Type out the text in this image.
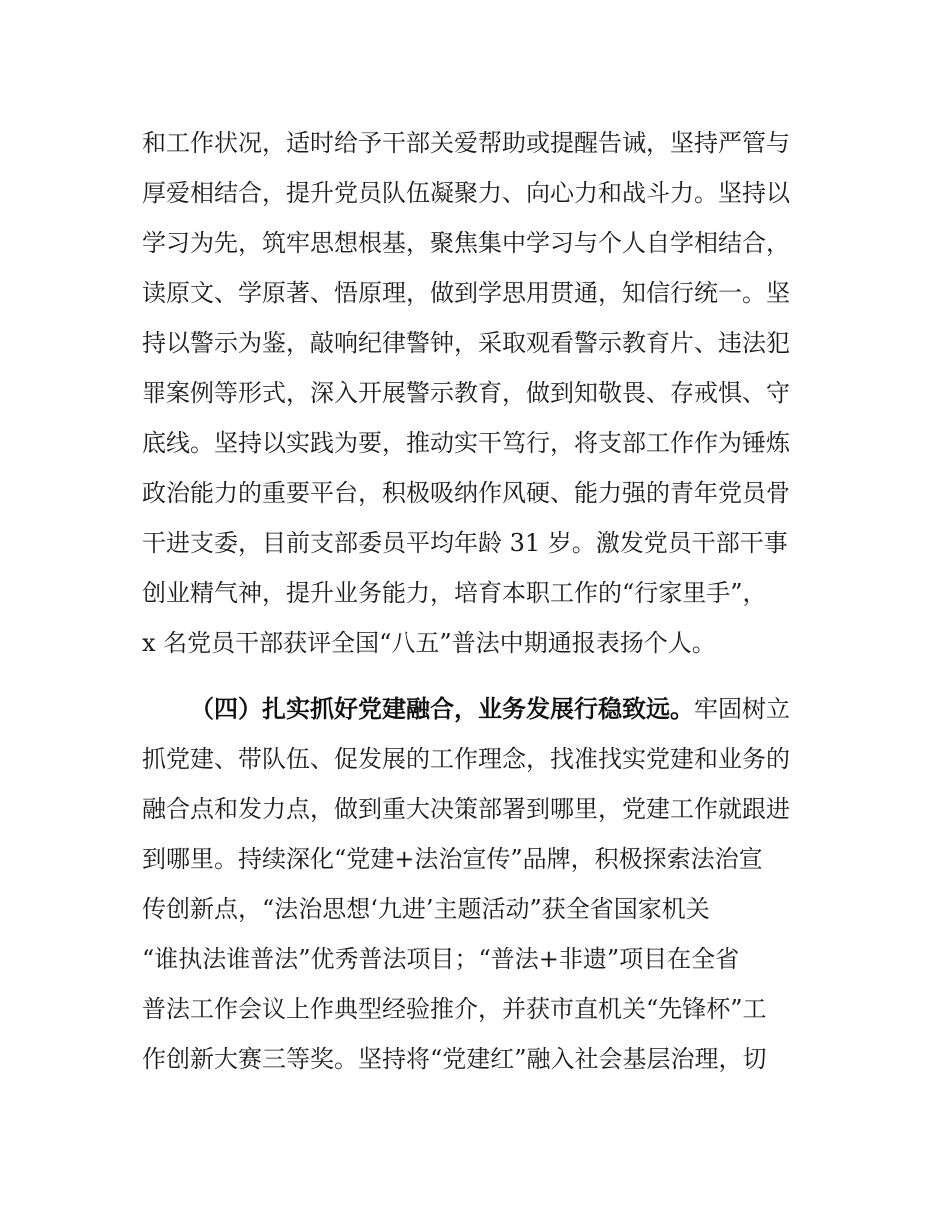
和工作状况，适时给予干部关爱帮助或提醒告诫，坚持严管与
厚爱相结合，提升党员队伍凝聚力、向心力和战斗力。坚持以
学习为先，筑牢思想根基，聚焦集中学习与个人自学相结合，
读原文、学原著、悟原理，做到学思用贯通，知信行统一。坚
持以警示为鉴，敲响纪律警钟，采取观看警示教育片、违法犯
罪案例等形式，深入开展警示教育，做到知敬畏、存戒惧、守
底线。坚持以实践为要，推动实干笃行，将支部工作作为锤炼
政治能力的重要平台，积极吸纳作风硬、能力强的青年党员骨
干进支委，目前支部委员平均年龄 31 岁。激发党员干部干事
创业精气神，提升业务能力，培育本职工作的“行家里手”，
x 名党员干部获评全国“八五”普法中期通报表扬个人。
（四）扎实抓好党建融合，业务发展行稳致远。牢固树立
抓党建、带队伍、促发展的工作理念，找准找实党建和业务的
融合点和发力点，做到重大决策部署到哪里，党建工作就跟进
到哪里。持续深化“党建+法治宣传”品牌，积极探索法治宣
传创新点，“法治思想‘九进’主题活动”获全省国家机关
“谁执法谁普法”优秀普法项目；“普法+非遗”项目在全省
普法工作会议上作典型经验推介，并获市直机关“先锋杯”工
作创新大赛三等奖。坚持将“党建红”融入社会基层治理，切
